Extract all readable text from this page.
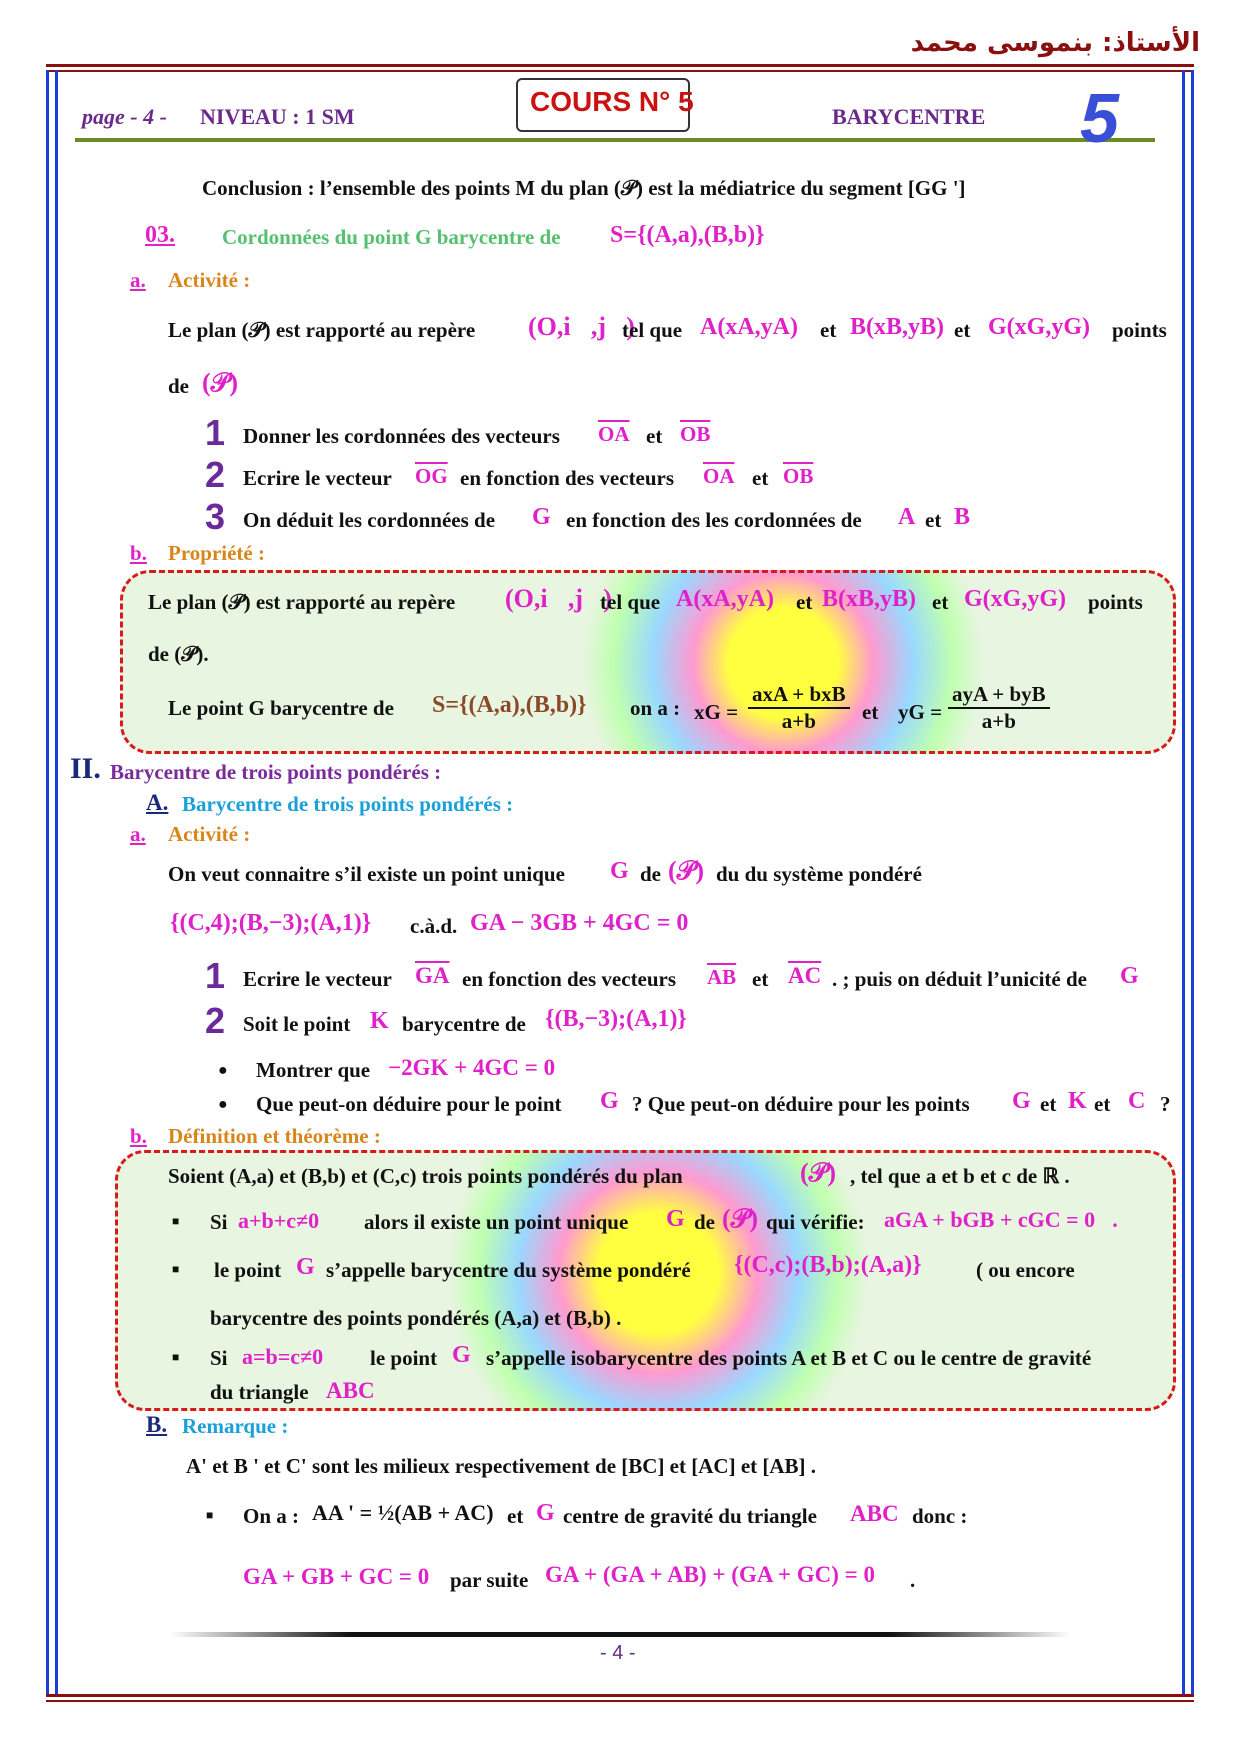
الأستاذ: بنموسى محمد
page - 4 - NIVEAU : 1 SM	COURS N° 5	BARYCENTRE 5
Conclusion : l’ensemble des points M du plan (𝒫) est la médiatrice du segment [GG ']
03. Cordonnées du point G barycentre de S={(A,a),(B,b)}
a. Activité :
Le plan (𝒫) est rapporté au repère (O,i⃗,j⃗)
tel que A(xA,yA) et B(xB,yB) et G(xG,yG) points
de (𝒫)
1 Donner les cordonnées des vecteurs $\overline{OA}$ et $\overline{OB}$
2 Ecrire le vecteur $\overline{OG}$ en fonction des vecteurs $\overline{OA}$ et $\overline{OB}$
3 On déduit les cordonnées de G en fonction des les cordonnées de A et B
b. Propriété :
Le plan (𝒫) est rapporté au repère (O,i⃗,j⃗)
tel que A(xA,yA) et B(xB,yB) et G(xG,yG) points
de (𝒫).
Le point G barycentre de S={(A,a),(B,b)} on a : xG = $\frac{\text{axA + bxB}}{a+b}$ et yG = $\frac{\text{ayA + byB}}{a+b}$
II. Barycentre de trois points pondérés :
A. Barycentre de trois points pondérés :
a. Activité :
On veut connaitre s’il existe un point unique G de (𝒫) du du système pondéré
{(C,4);(B,−3);(A,1)} c.à.d. GA − 3GB + 4GC = 0⃗
1 Ecrire le vecteur $\overline{GA}$ en fonction des vecteurs $\overline{AB}$ et $\overline{AC}$ . ; puis on déduit l’unicité de G
2 Soit le point K barycentre de {(B,−3);(A,1)}
● Montrer que −2GK + 4GC = 0⃗
● Que peut-on déduire pour le point G ? Que peut-on déduire pour les points G et K et C ?
b. Définition et théorème :
Soient (A,a) et (B,b) et (C,c) trois points pondérés du plan	(𝒫) , tel que a et b et c de ℝ .
■ Si a+b+c≠0 alors il existe un point unique G de (𝒫) qui vérifie: aGA + bGB + cGC = 0⃗.
■ le point G s’appelle barycentre du système pondéré {(C,c);(B,b);(A,a)}	( ou encore
barycentre des points pondérés (A,a) et (B,b) .
■ Si a=b=c≠0 le point G s’appelle isobarycentre des points A et B et C ou le centre de gravité
du triangle ABC
B. Remarque :
A' et B ' et C' sont les milieux respectivement de [BC] et [AC] et [AB] .
■ On a : AA ' = ½(AB + AC) et G centre de gravité du triangle ABC donc :
GA + GB + GC = 0⃗ par suite GA + (GA + AB) + (GA + GC) = 0⃗ .
- 4 -
